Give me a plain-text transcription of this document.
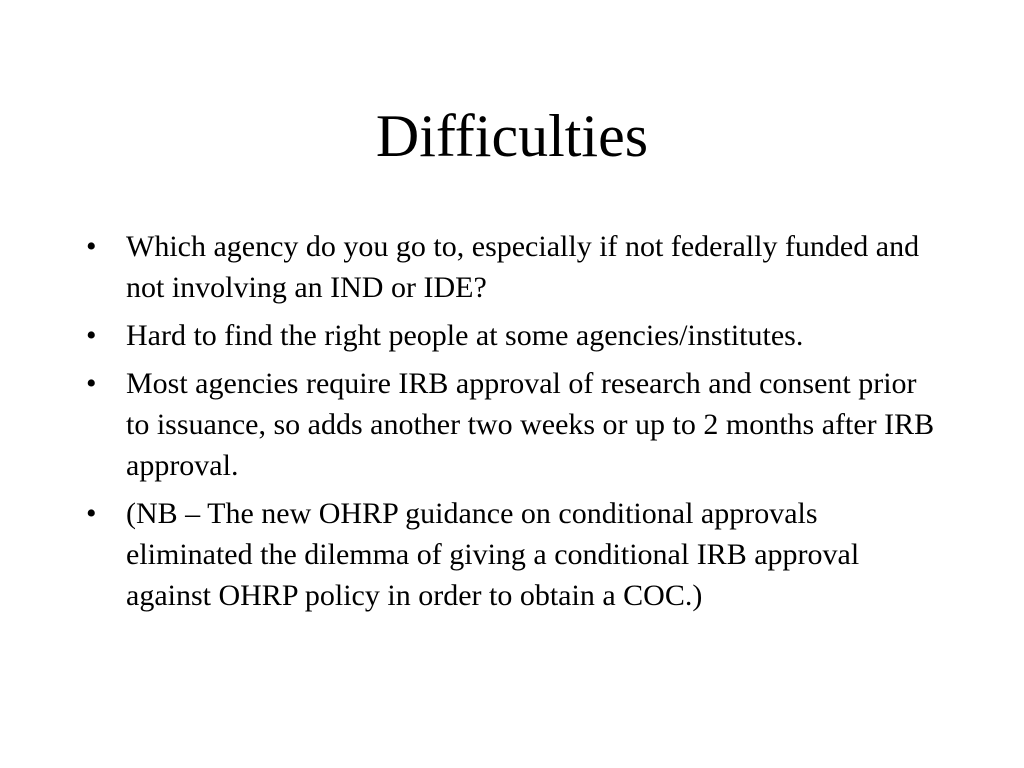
Difficulties
• Which agency do you go to, especially if not federally funded and not involving an IND or IDE?
• Hard to find the right people at some agencies/institutes.
• Most agencies require IRB approval of research and consent prior to issuance, so adds another two weeks or up to 2 months after IRB approval.
• (NB – The new OHRP guidance on conditional approvals eliminated the dilemma of giving a conditional IRB approval against OHRP policy in order to obtain a COC.)
